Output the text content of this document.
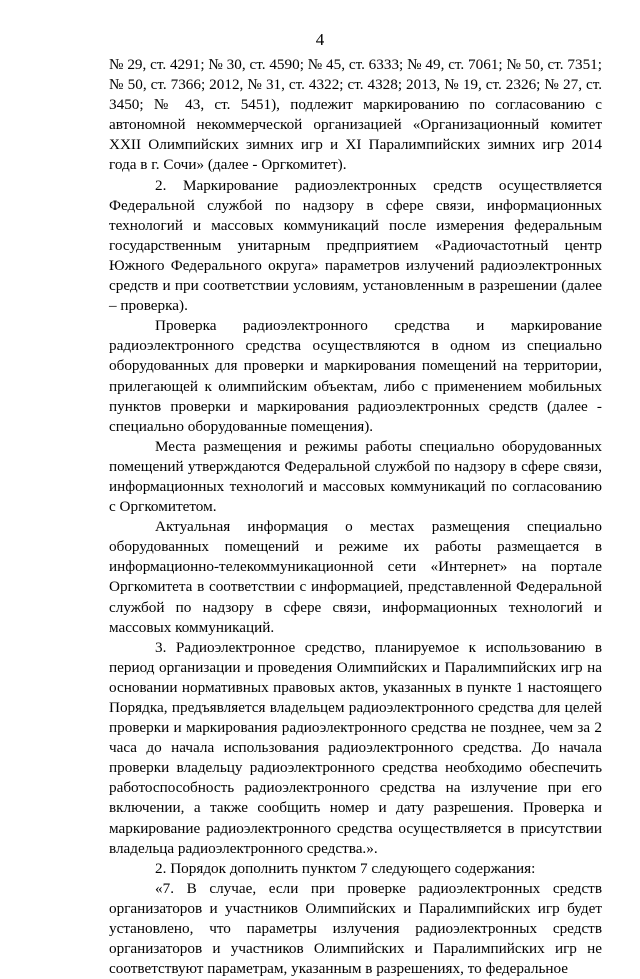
4

№ 29, ст. 4291; № 30, ст. 4590; № 45, ст. 6333; № 49, ст. 7061; № 50, ст. 7351; № 50, ст. 7366; 2012, № 31, ст. 4322; ст. 4328; 2013, № 19, ст. 2326; № 27, ст. 3450; № 43, ст. 5451), подлежит маркированию по согласованию с автономной некоммерческой организацией «Организационный комитет XXII Олимпийских зимних игр и XI Паралимпийских зимних игр 2014 года в г. Сочи» (далее - Оргкомитет).

2. Маркирование радиоэлектронных средств осуществляется Федеральной службой по надзору в сфере связи, информационных технологий и массовых коммуникаций после измерения федеральным государственным унитарным предприятием «Радиочастотный центр Южного Федерального округа» параметров излучений радиоэлектронных средств и при соответствии условиям, установленным в разрешении (далее – проверка).

Проверка радиоэлектронного средства и маркирование радиоэлектронного средства осуществляются в одном из специально оборудованных для проверки и маркирования помещений на территории, прилегающей к олимпийским объектам, либо с применением мобильных пунктов проверки и маркирования радиоэлектронных средств (далее - специально оборудованные помещения).

Места размещения и режимы работы специально оборудованных помещений утверждаются Федеральной службой по надзору в сфере связи, информационных технологий и массовых коммуникаций по согласованию с Оргкомитетом.

Актуальная информация о местах размещения специально оборудованных помещений и режиме их работы размещается в информационно-телекоммуникационной сети «Интернет» на портале Оргкомитета в соответствии с информацией, представленной Федеральной службой по надзору в сфере связи, информационных технологий и массовых коммуникаций.

3. Радиоэлектронное средство, планируемое к использованию в период организации и проведения Олимпийских и Паралимпийских игр на основании нормативных правовых актов, указанных в пункте 1 настоящего Порядка, предъявляется владельцем радиоэлектронного средства для целей проверки и маркирования радиоэлектронного средства не позднее, чем за 2 часа до начала использования радиоэлектронного средства. До начала проверки владельцу радиоэлектронного средства необходимо обеспечить работоспособность радиоэлектронного средства на излучение при его включении, а также сообщить номер и дату разрешения. Проверка и маркирование радиоэлектронного средства осуществляется в присутствии владельца радиоэлектронного средства.».

2. Порядок дополнить пунктом 7 следующего содержания:

«7. В случае, если при проверке радиоэлектронных средств организаторов и участников Олимпийских и Паралимпийских игр будет установлено, что параметры излучения радиоэлектронных средств организаторов и участников Олимпийских и Паралимпийских игр не соответствуют параметрам, указанным в разрешениях, то федеральное
